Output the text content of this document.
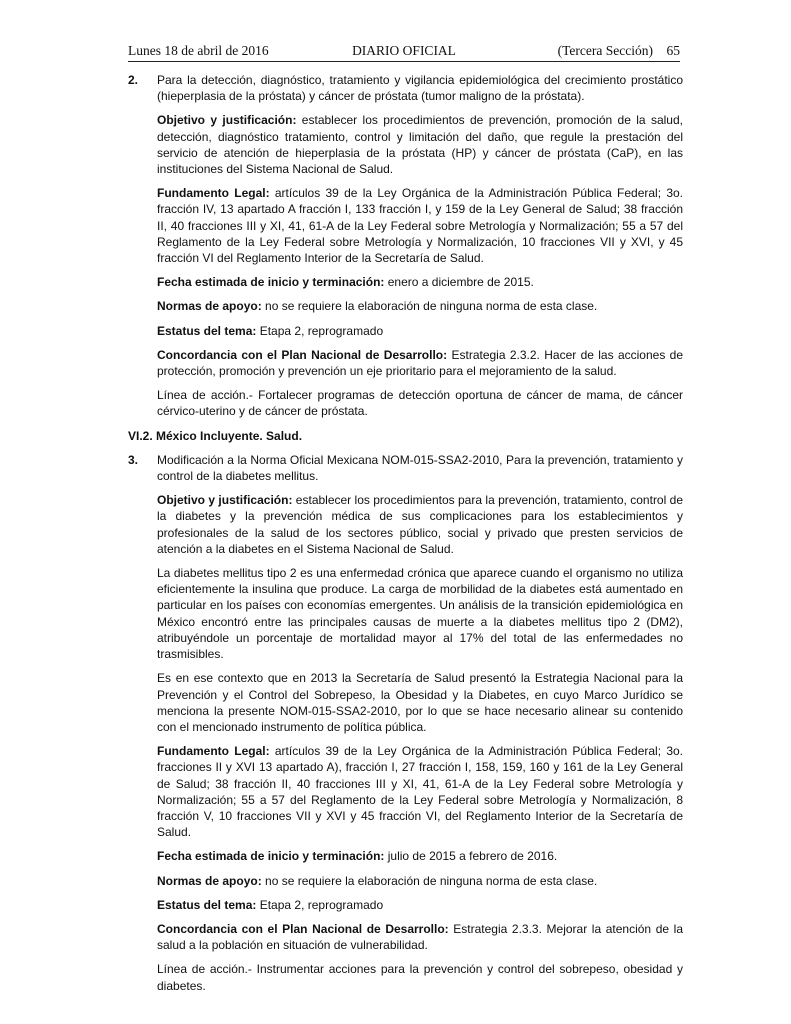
Lunes 18 de abril de 2016	DIARIO OFICIAL	(Tercera Sección) 65
2. Para la detección, diagnóstico, tratamiento y vigilancia epidemiológica del crecimiento prostático (hieperplasia de la próstata) y cáncer de próstata (tumor maligno de la próstata).

Objetivo y justificación: establecer los procedimientos de prevención, promoción de la salud, detección, diagnóstico tratamiento, control y limitación del daño, que regule la prestación del servicio de atención de hieperplasia de la próstata (HP) y cáncer de próstata (CaP), en las instituciones del Sistema Nacional de Salud.

Fundamento Legal: artículos 39 de la Ley Orgánica de la Administración Pública Federal; 3o. fracción IV, 13 apartado A fracción I, 133 fracción I, y 159 de la Ley General de Salud; 38 fracción II, 40 fracciones III y XI, 41, 61-A de la Ley Federal sobre Metrología y Normalización; 55 a 57 del Reglamento de la Ley Federal sobre Metrología y Normalización, 10 fracciones VII y XVI, y 45 fracción VI del Reglamento Interior de la Secretaría de Salud.

Fecha estimada de inicio y terminación: enero a diciembre de 2015.

Normas de apoyo: no se requiere la elaboración de ninguna norma de esta clase.

Estatus del tema: Etapa 2, reprogramado

Concordancia con el Plan Nacional de Desarrollo: Estrategia 2.3.2. Hacer de las acciones de protección, promoción y prevención un eje prioritario para el mejoramiento de la salud.

Línea de acción.- Fortalecer programas de detección oportuna de cáncer de mama, de cáncer cérvico-uterino y de cáncer de próstata.

VI.2. México Incluyente. Salud.

3. Modificación a la Norma Oficial Mexicana NOM-015-SSA2-2010, Para la prevención, tratamiento y control de la diabetes mellitus.

Objetivo y justificación: establecer los procedimientos para la prevención, tratamiento, control de la diabetes y la prevención médica de sus complicaciones para los establecimientos y profesionales de la salud de los sectores público, social y privado que presten servicios de atención a la diabetes en el Sistema Nacional de Salud.

La diabetes mellitus tipo 2 es una enfermedad crónica que aparece cuando el organismo no utiliza eficientemente la insulina que produce. La carga de morbilidad de la diabetes está aumentado en particular en los países con economías emergentes. Un análisis de la transición epidemiológica en México encontró entre las principales causas de muerte a la diabetes mellitus tipo 2 (DM2), atribuyéndole un porcentaje de mortalidad mayor al 17% del total de las enfermedades no trasmisibles.

Es en ese contexto que en 2013 la Secretaría de Salud presentó la Estrategia Nacional para la Prevención y el Control del Sobrepeso, la Obesidad y la Diabetes, en cuyo Marco Jurídico se menciona la presente NOM-015-SSA2-2010, por lo que se hace necesario alinear su contenido con el mencionado instrumento de política pública.

Fundamento Legal: artículos 39 de la Ley Orgánica de la Administración Pública Federal; 3o. fracciones II y XVI 13 apartado A), fracción I, 27 fracción I, 158, 159, 160 y 161 de la Ley General de Salud; 38 fracción II, 40 fracciones III y XI, 41, 61-A de la Ley Federal sobre Metrología y Normalización; 55 a 57 del Reglamento de la Ley Federal sobre Metrología y Normalización, 8 fracción V, 10 fracciones VII y XVI y 45 fracción VI, del Reglamento Interior de la Secretaría de Salud.

Fecha estimada de inicio y terminación: julio de 2015 a febrero de 2016.

Normas de apoyo: no se requiere la elaboración de ninguna norma de esta clase.

Estatus del tema: Etapa 2, reprogramado

Concordancia con el Plan Nacional de Desarrollo: Estrategia 2.3.3. Mejorar la atención de la salud a la población en situación de vulnerabilidad.

Línea de acción.- Instrumentar acciones para la prevención y control del sobrepeso, obesidad y diabetes.
